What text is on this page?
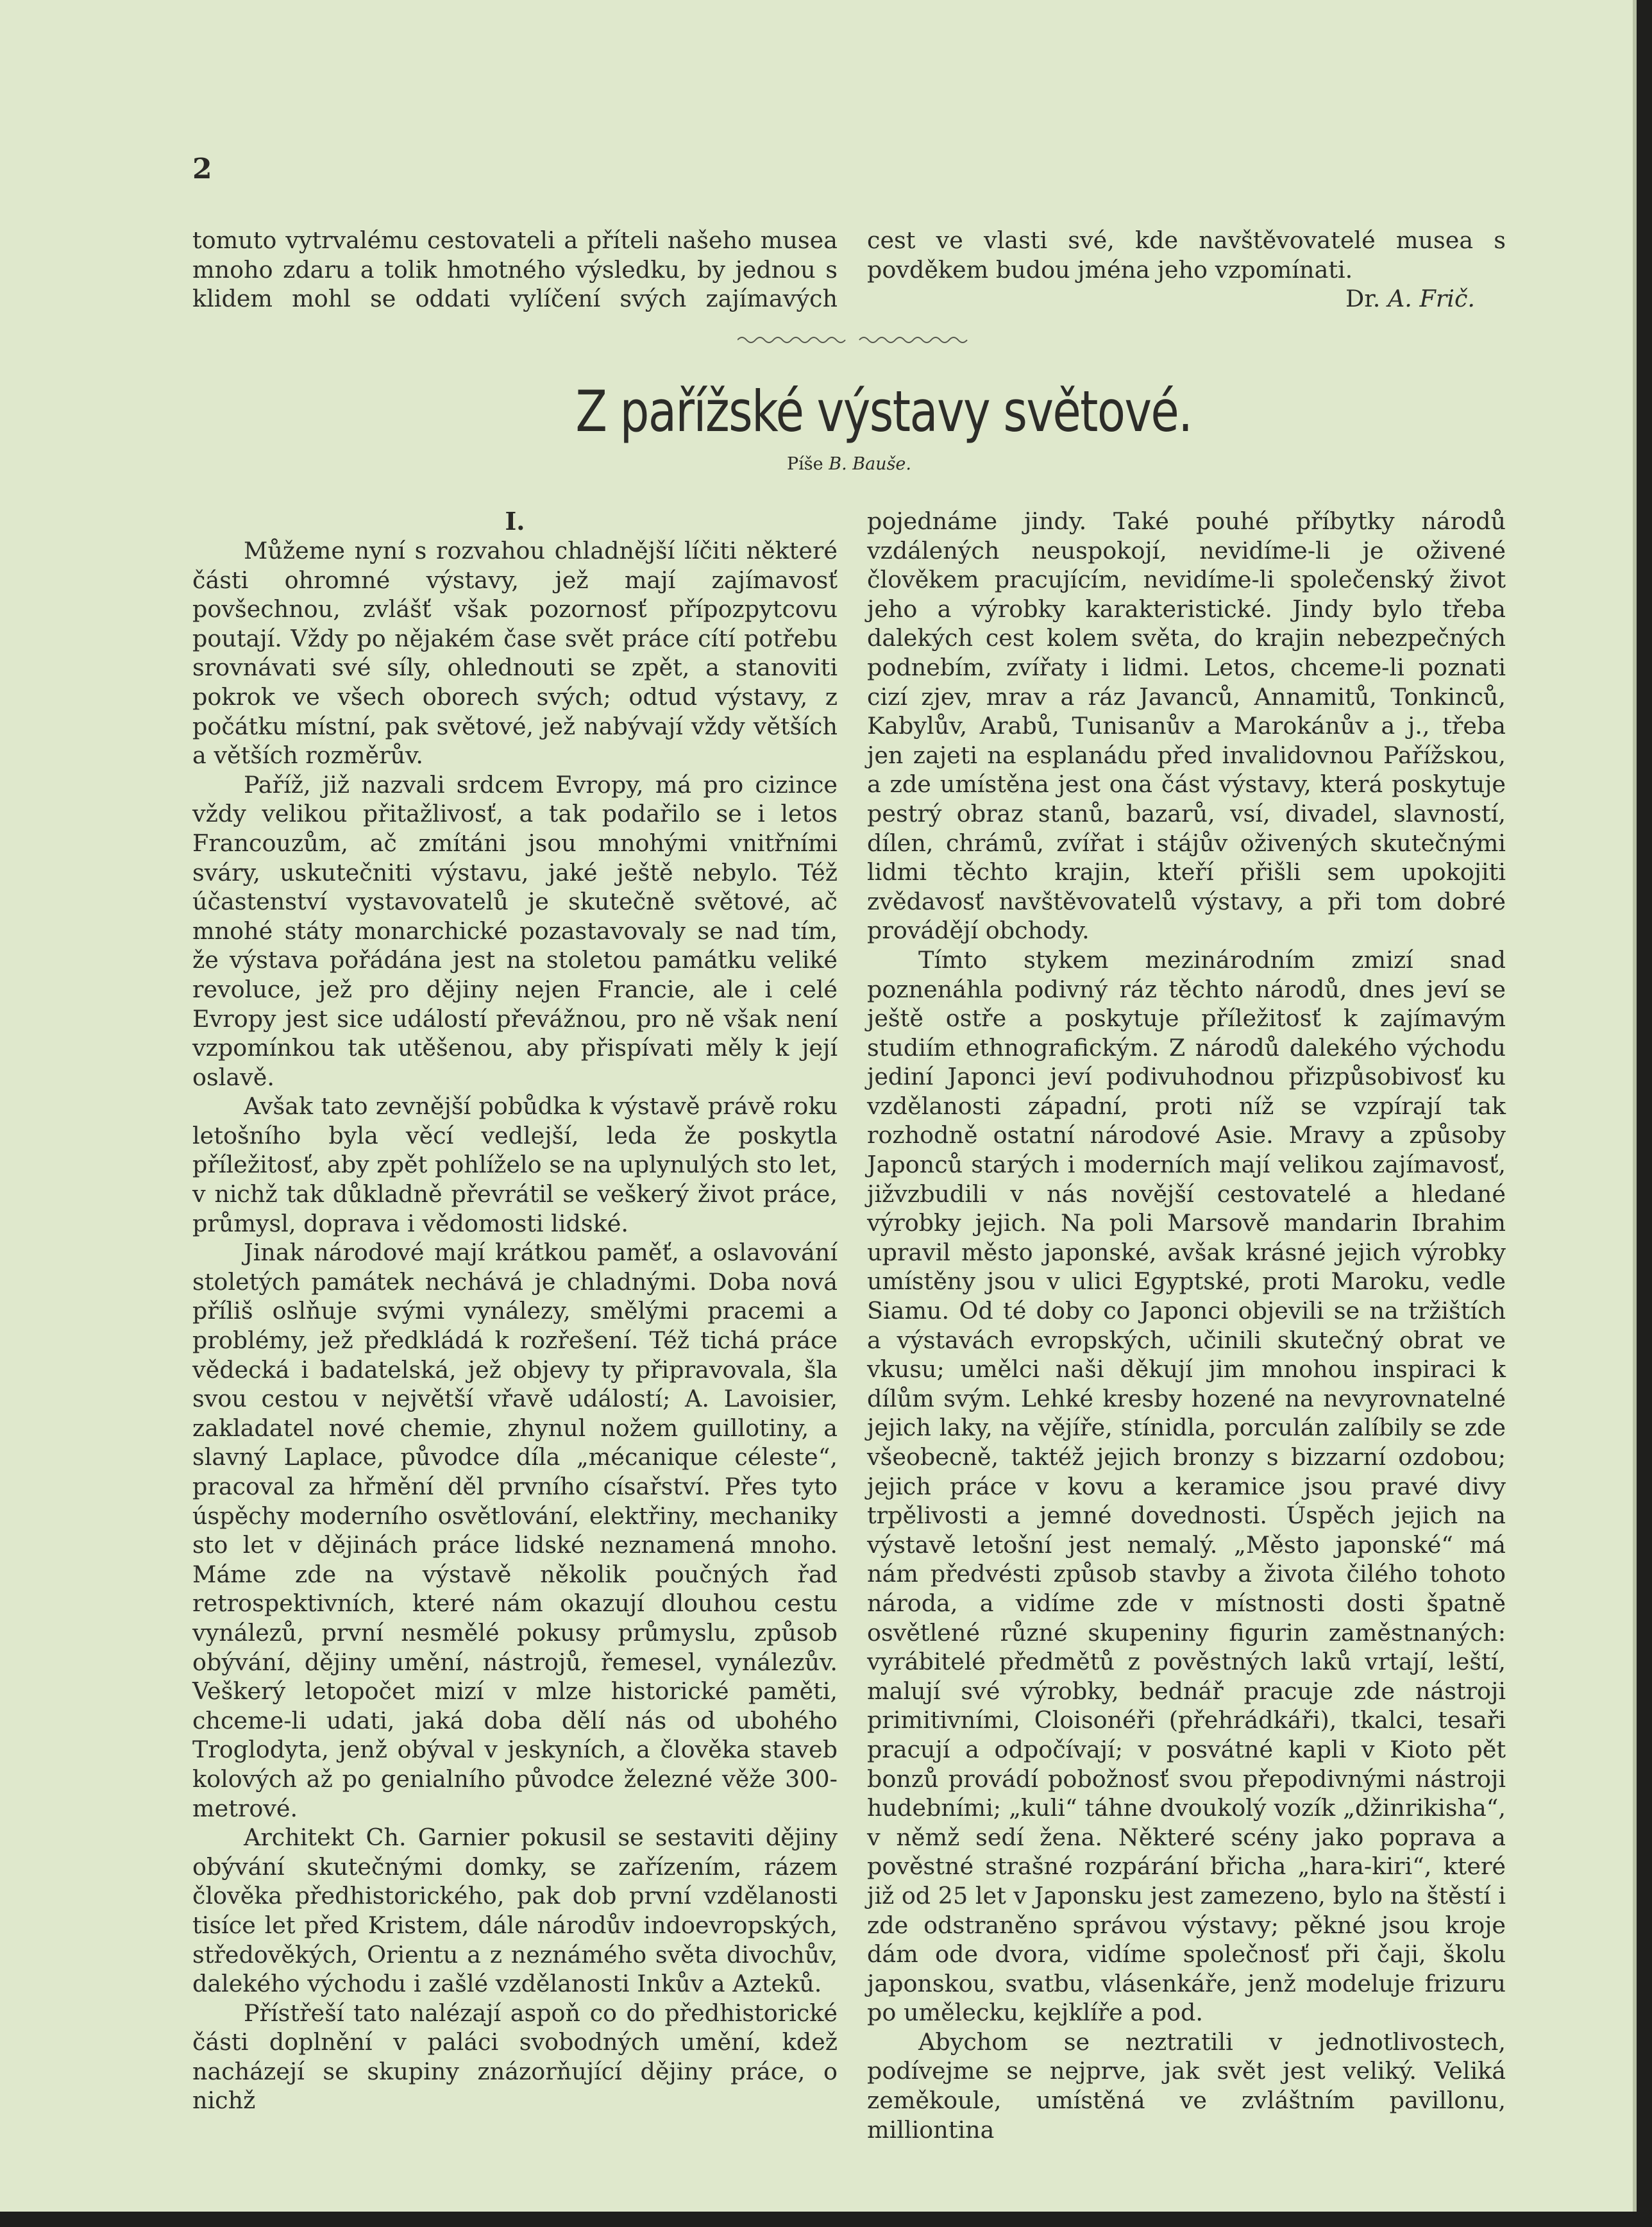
2

tomuto vytrvalému cestovateli a příteli našeho musea mnoho zdaru a tolik hmotného výsledku, by jednou s klidem mohl se oddati vylíčení svých zajímavých

cest ve vlasti své, kde navštěvovatelé musea s povděkem budou jména jeho vzpomínati.

Dr. A. Frič.
Z pařížské výstavy světové.
Píše B. Bauše.
I.

Můžeme nyní s rozvahou chladnější líčiti některé části ohromné výstavy, jež mají zajímavosť povšechnou, zvlášť však pozornosť přípozpytcovu poutají. Vždy po nějakém čase svět práce cítí potřebu srovnávati své síly, ohlednouti se zpět, a stanoviti pokrok ve všech oborech svých; odtud výstavy, z počátku místní, pak světové, jež nabývají vždy větších a větších rozměrův.

Paříž, již nazvali srdcem Evropy, má pro cizince vždy velikou přitažlivosť, a tak podařilo se i letos Francouzům, ač zmítáni jsou mnohými vnitřními sváry, uskutečniti výstavu, jaké ještě nebylo. Též účastenství vystavovatelů je skutečně světové, ač mnohé státy monarchické pozastavovaly se nad tím, že výstava pořádána jest na stoletou památku veliké revoluce, jež pro dějiny nejen Francie, ale i celé Evropy jest sice událostí převážnou, pro ně však není vzpomínkou tak utěšenou, aby přispívati měly k její oslavě.

Avšak tato zevnější pobůdka k výstavě právě roku letošního byla věcí vedlejší, leda že poskytla příležitosť, aby zpět pohlíželo se na uplynulých sto let, v nichž tak důkladně převrátil se veškerý život práce, průmysl, doprava i vědomosti lidské.

Jinak národové mají krátkou paměť, a oslavování stoletých památek nechává je chladnými. Doba nová příliš oslňuje svými vynálezy, smělými pracemi a problémy, jež předkládá k rozřešení. Též tichá práce vědecká i badatelská, jež objevy ty připravovala, šla svou cestou v největší vřavě událostí; A. Lavoisier, zakladatel nové chemie, zhynul nožem guillotiny, a slavný Laplace, původce díla „mécanique céleste“, pracoval za hřmění děl prvního císařství. Přes tyto úspěchy moderního osvětlování, elektřiny, mechaniky sto let v dějinách práce lidské neznamená mnoho. Máme zde na výstavě několik poučných řad retrospektivních, které nám okazují dlouhou cestu vynálezů, první nesmělé pokusy průmyslu, způsob obývání, dějiny umění, nástrojů, řemesel, vynálezův. Veškerý letopočet mizí v mlze historické paměti, chceme-li udati, jaká doba dělí nás od ubohého Troglodyta, jenž obýval v jeskyních, a člověka staveb kolových až po genialního původce železné věže 300-metrové.

Architekt Ch. Garnier pokusil se sestaviti dějiny obývání skutečnými domky, se zařízením, rázem člověka předhistorického, pak dob první vzdělanosti tisíce let před Kristem, dále národův indoevropských, středověkých, Orientu a z neznámého světa divochův, dalekého východu i zašlé vzdělanosti Inkův a Azteků.

Přístřeší tato nalézají aspoň co do předhistorické části doplnění v paláci svobodných umění, kdež nacházejí se skupiny znázorňující dějiny práce, o nichž

pojednáme jindy. Také pouhé příbytky národů vzdálených neuspokojí, nevidíme-li je oživené člověkem pracujícím, nevidíme-li společenský život jeho a výrobky karakteristické. Jindy bylo třeba dalekých cest kolem světa, do krajin nebezpečných podnebím, zvířaty i lidmi. Letos, chceme-li poznati cizí zjev, mrav a ráz Javanců, Annamitů, Tonkinců, Kabylův, Arabů, Tunisanův a Marokánův a j., třeba jen zajeti na esplanádu před invalidovnou Pařížskou, a zde umístěna jest ona část výstavy, která poskytuje pestrý obraz stanů, bazarů, vsí, divadel, slavností, dílen, chrámů, zvířat i stájův oživených skutečnými lidmi těchto krajin, kteří přišli sem upokojiti zvědavosť navštěvovatelů výstavy, a při tom dobré provádějí obchody.

Tímto stykem mezinárodním zmizí snad poznenáhla podivný ráz těchto národů, dnes jeví se ještě ostře a poskytuje příležitosť k zajímavým studiím ethnografickým. Z národů dalekého východu jediní Japonci jeví podivuhodnou přizpůsobivosť ku vzdělanosti západní, proti níž se vzpírají tak rozhodně ostatní národové Asie. Mravy a způsoby Japonců starých i moderních mají velikou zajímavosť, jižvzbudili v nás novější cestovatelé a hledané výrobky jejich. Na poli Marsově mandarin Ibrahim upravil město japonské, avšak krásné jejich výrobky umístěny jsou v ulici Egyptské, proti Maroku, vedle Siamu. Od té doby co Japonci objevili se na tržištích a výstavách evropských, učinili skutečný obrat ve vkusu; umělci naši děkují jim mnohou inspiraci k dílům svým. Lehké kresby hozené na nevyrovnatelné jejich laky, na vějíře, stínidla, porculán zalíbily se zde všeobecně, taktéž jejich bronzy s bizzarní ozdobou; jejich práce v kovu a keramice jsou pravé divy trpělivosti a jemné dovednosti. Úspěch jejich na výstavě letošní jest nemalý. „Město japonské“ má nám předvésti způsob stavby a života čilého tohoto národa, a vidíme zde v místnosti dosti špatně osvětlené různé skupeniny figurin zaměstnaných: vyrábitelé předmětů z pověstných laků vrtají, leští, malují své výrobky, bednář pracuje zde nástroji primitivními, Cloisonéři (přehrádkáři), tkalci, tesaři pracují a odpočívají; v posvátné kapli v Kioto pět bonzů provádí pobožnosť svou přepodivnými nástroji hudebními; „kuli“ táhne dvoukolý vozík „džinrikisha“, v němž sedí žena. Některé scény jako poprava a pověstné strašné rozpárání břicha „hara-kiri“, které již od 25 let v Japonsku jest zamezeno, bylo na štěstí i zde odstraněno správou výstavy; pěkné jsou kroje dám ode dvora, vidíme společnosť při čaji, školu japonskou, svatbu, vlásenkáře, jenž modeluje frizuru po umělecku, kejklíře a pod.

Abychom se neztratili v jednotlivostech, podívejme se nejprve, jak svět jest veliký. Veliká zeměkoule, umístěná ve zvláštním pavillonu, milliontina
